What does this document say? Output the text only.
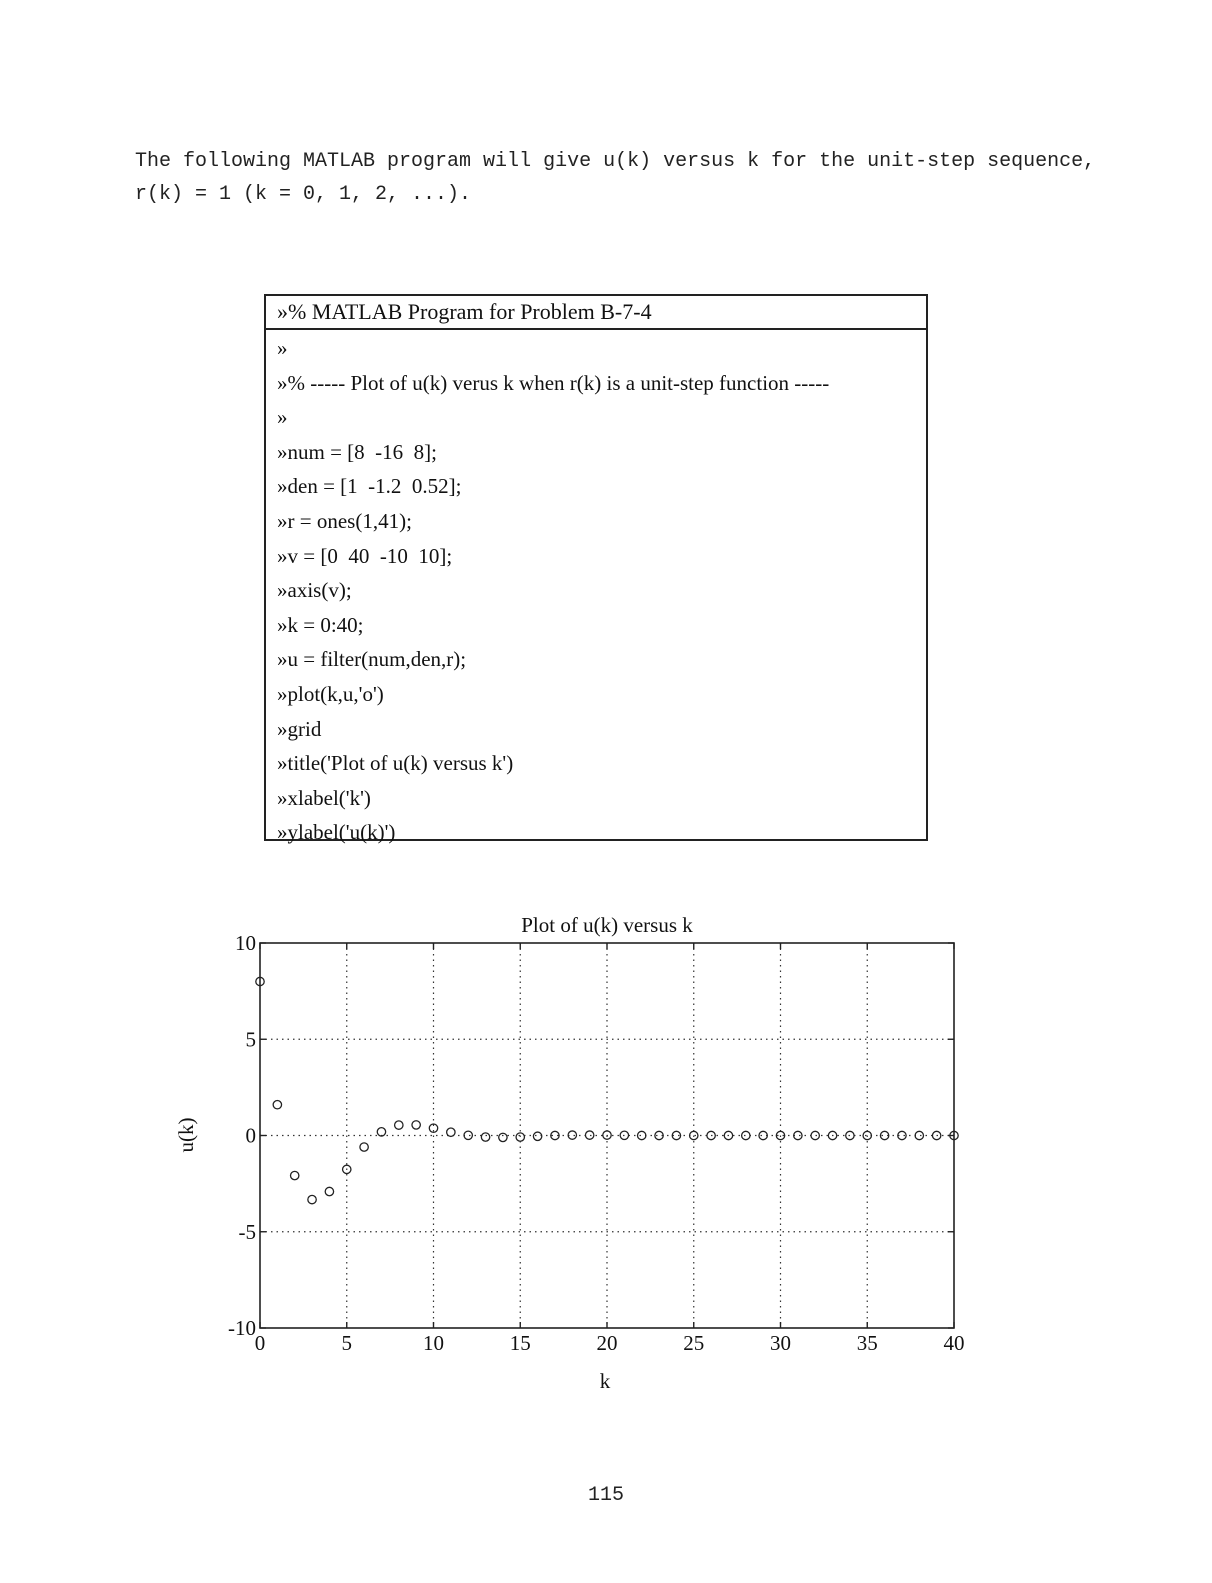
The following MATLAB program will give u(k) versus k for the unit-step sequence,
r(k) = 1 (k = 0, 1, 2, ...).
»% MATLAB Program for Problem B-7-4
»
»% ----- Plot of u(k) verus k when r(k) is a unit-step function -----
»
»num = [8  -16  8];
»den = [1  -1.2  0.52];
»r = ones(1,41);
»v = [0  40  -10  10];
»axis(v);
»k = 0:40;
»u = filter(num,den,r);
»plot(k,u,'o')
»grid
»title('Plot of u(k) versus k')
»xlabel('k')
»ylabel('u(k)')
0	5	10	15	20	25	30	35	40
10
5
0
-5
-10
Plot of u(k) versus k
k
u(k)
115
